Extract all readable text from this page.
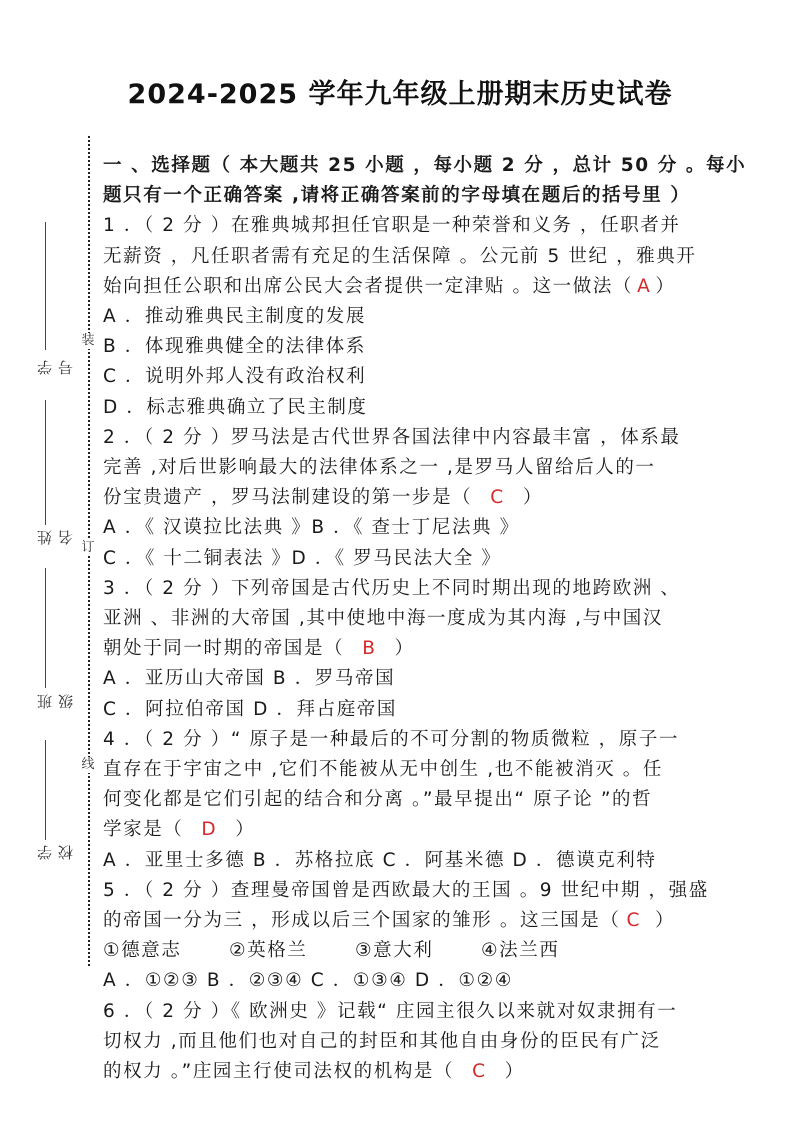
2024-2025 学年九年级上册期末历史试卷
装
订
线
学号
姓名
班级
学校
一 、选择题（ 本大题共 25 小题 ，每小题 2 分 ，总计 50 分 。每小
题只有一个正确答案 ,请将正确答案前的字母填在题后的括号里 ）
1 ．（ 2 分 ）在雅典城邦担任官职是一种荣誉和义务 ，任职者并
无薪资 ，凡任职者需有充足的生活保障 。公元前 5 世纪 ，雅典开
始向担任公职和出席公民大会者提供一定津贴 。这一做法（ A ）
A ．推动雅典民主制度的发展
B ．体现雅典健全的法律体系
C ．说明外邦人没有政治权利
D ．标志雅典确立了民主制度
2 ．（ 2 分 ）罗马法是古代世界各国法律中内容最丰富 ，体系最
完善 ,对后世影响最大的法律体系之一 ,是罗马人留给后人的一
份宝贵遗产 ，罗马法制建设的第一步是（ C ）
A ．《 汉谟拉比法典 》B ．《 查士丁尼法典 》
C ．《 十二铜表法 》D ．《 罗马民法大全 》
3 ．（ 2 分 ）下列帝国是古代历史上不同时期出现的地跨欧洲 、
亚洲 、非洲的大帝国 ,其中使地中海一度成为其内海 ,与中国汉
朝处于同一时期的帝国是（ B ）
A ．亚历山大帝国 B ．罗马帝国
C ．阿拉伯帝国 D ．拜占庭帝国
4 ．（ 2 分 ）“ 原子是一种最后的不可分割的物质微粒 ，原子一
直存在于宇宙之中 ,它们不能被从无中创生 ,也不能被消灭 。任
何变化都是它们引起的结合和分离 。”最早提出“ 原子论 ”的哲
学家是（ D ）
A ．亚里士多德 B ．苏格拉底 C ．阿基米德 D ．德谟克利特
5 ．（ 2 分 ）查理曼帝国曾是西欧最大的王国 。9 世纪中期 ，强盛
的帝国一分为三 ，形成以后三个国家的雏形 。这三国是（ C ）
①德意志	②英格兰	③意大利	④法兰西
A ．①②③ B ．②③④ C ．①③④ D ．①②④
6 ．（ 2 分 ）《 欧洲史 》记载“ 庄园主很久以来就对奴隶拥有一
切权力 ,而且他们也对自己的封臣和其他自由身份的臣民有广泛
的权力 。”庄园主行使司法权的机构是（ C ）
